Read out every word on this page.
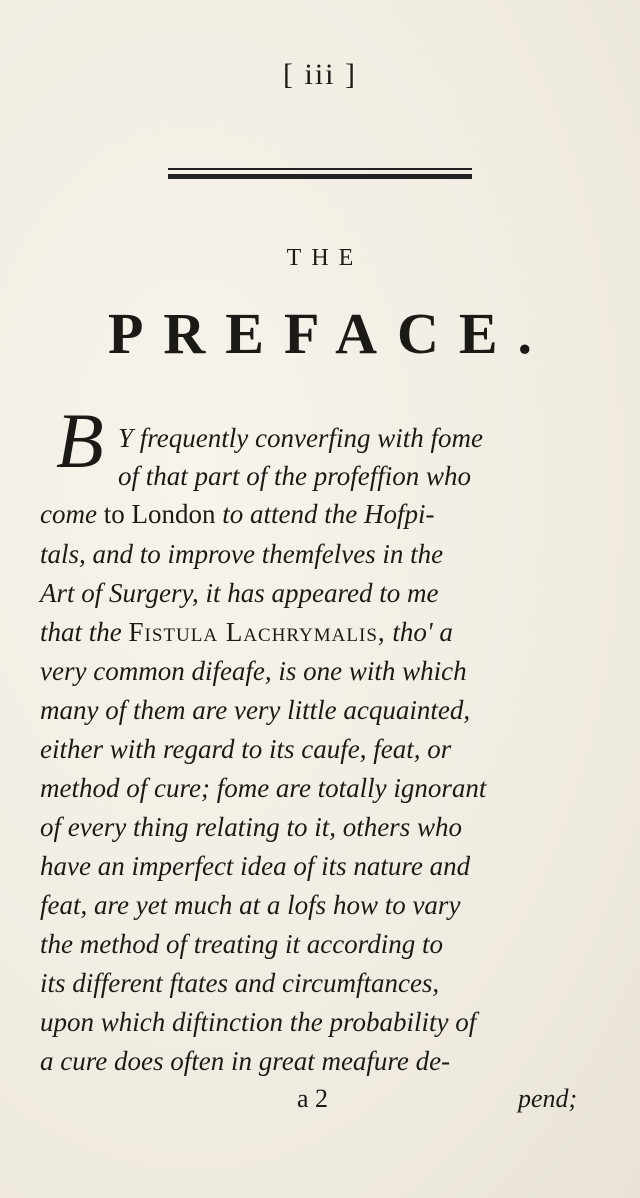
[ iii ]
THE
PREFACE.
B Y frequently converfing with fome
of that part of the profeffion who
come to London to attend the Hofpi-
tals, and to improve themfelves in the
Art of Surgery, it has appeared to me
that the Fistula Lachrymalis, tho' a
very common difeafe, is one with which
many of them are very little acquainted,
either with regard to its caufe, feat, or
method of cure; fome are totally ignorant
of every thing relating to it, others who
have an imperfect idea of its nature and
feat, are yet much at a lofs how to vary
the method of treating it according to
its different ftates and circumftances,
upon which diftinction the probability of
a cure does often in great meafure de-
a 2	pend;
